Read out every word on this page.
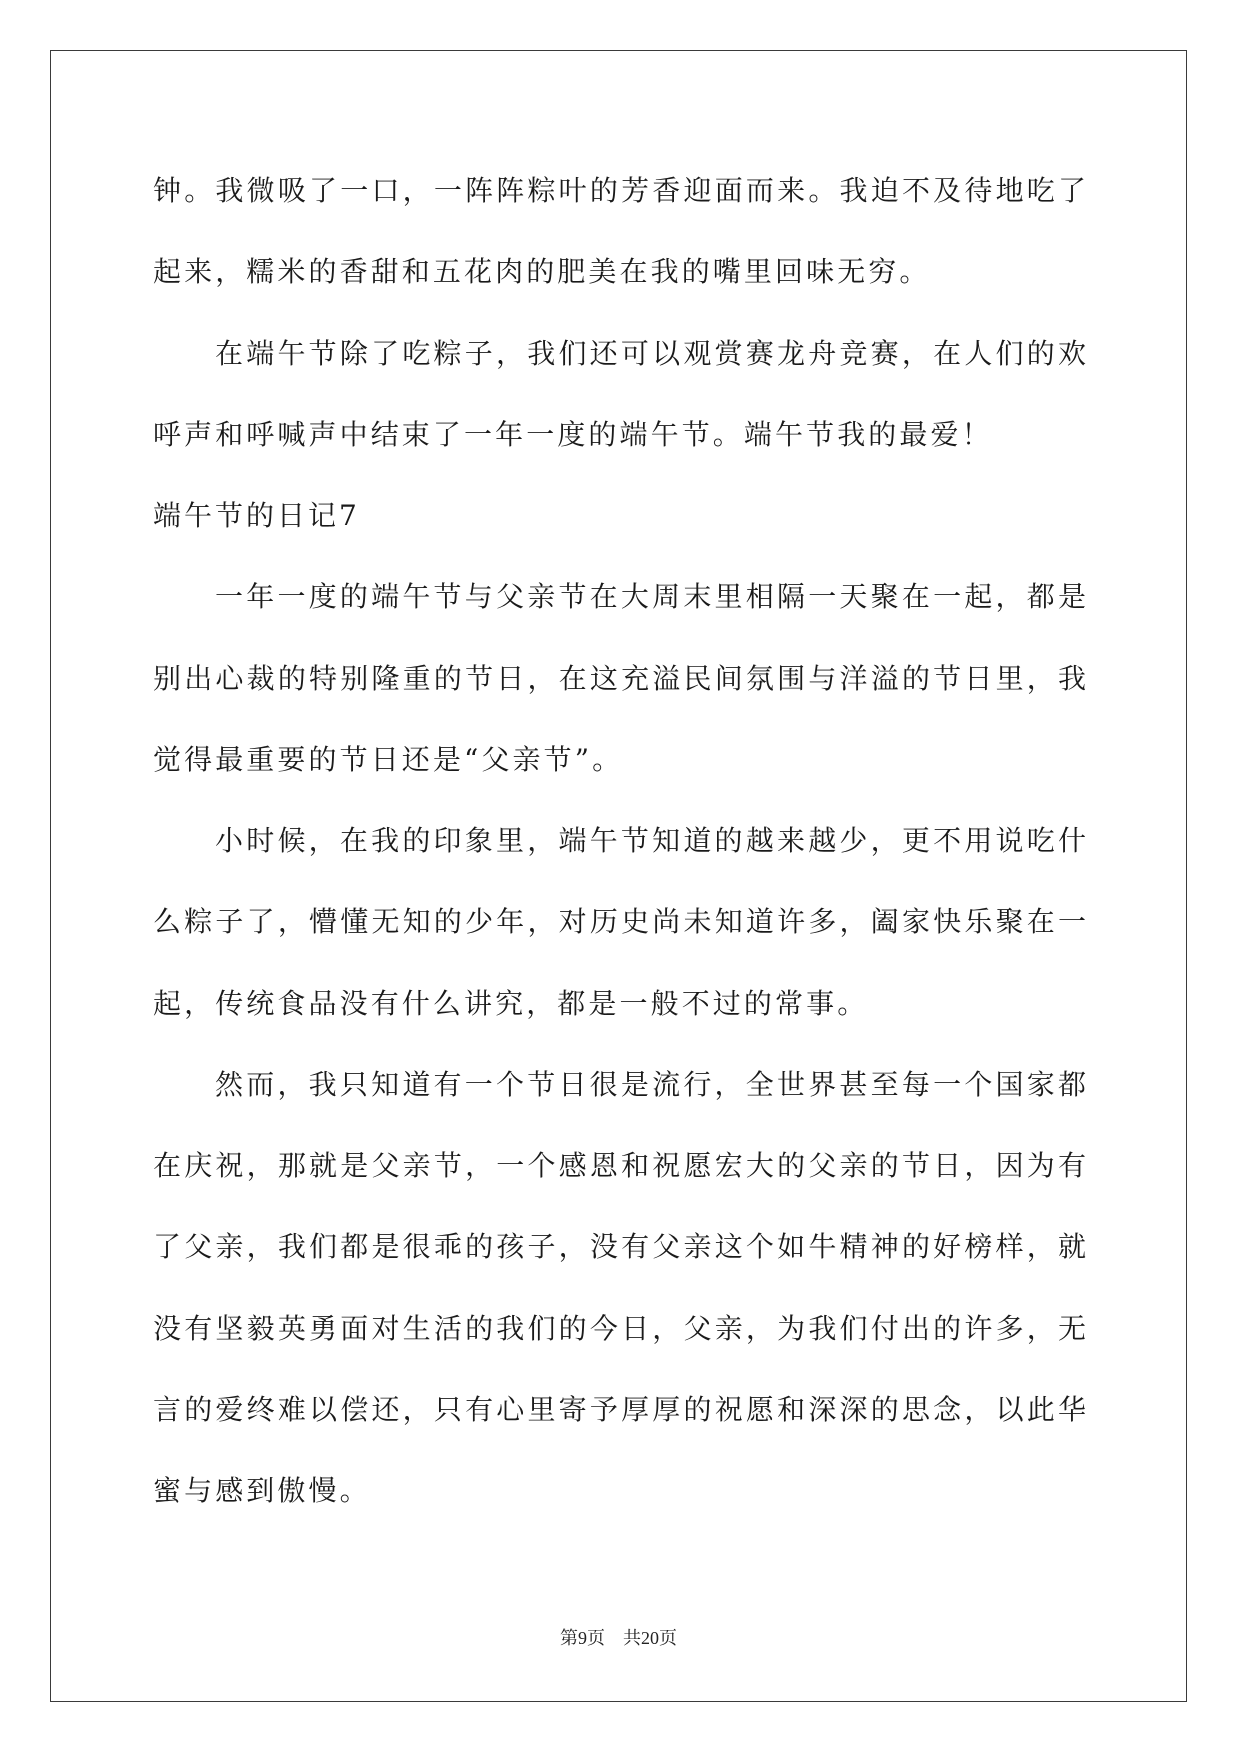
钟。我微吸了一口，一阵阵粽叶的芳香迎面而来。我迫不及待地吃了
起来，糯米的香甜和五花肉的肥美在我的嘴里回味无穷。
在端午节除了吃粽子，我们还可以观赏赛龙舟竞赛，在人们的欢
呼声和呼喊声中结束了一年一度的端午节。端午节我的最爱！
端午节的日记7
一年一度的端午节与父亲节在大周末里相隔一天聚在一起，都是
别出心裁的特别隆重的节日，在这充溢民间氛围与洋溢的节日里，我
觉得最重要的节日还是“父亲节”。
小时候，在我的印象里，端午节知道的越来越少，更不用说吃什
么粽子了，懵懂无知的少年，对历史尚未知道许多，阖家快乐聚在一
起，传统食品没有什么讲究，都是一般不过的常事。
然而，我只知道有一个节日很是流行，全世界甚至每一个国家都
在庆祝，那就是父亲节，一个感恩和祝愿宏大的父亲的节日，因为有
了父亲，我们都是很乖的孩子，没有父亲这个如牛精神的好榜样，就
没有坚毅英勇面对生活的我们的今日，父亲，为我们付出的许多，无
言的爱终难以偿还，只有心里寄予厚厚的祝愿和深深的思念，以此华
蜜与感到傲慢。
第9页 共20页
